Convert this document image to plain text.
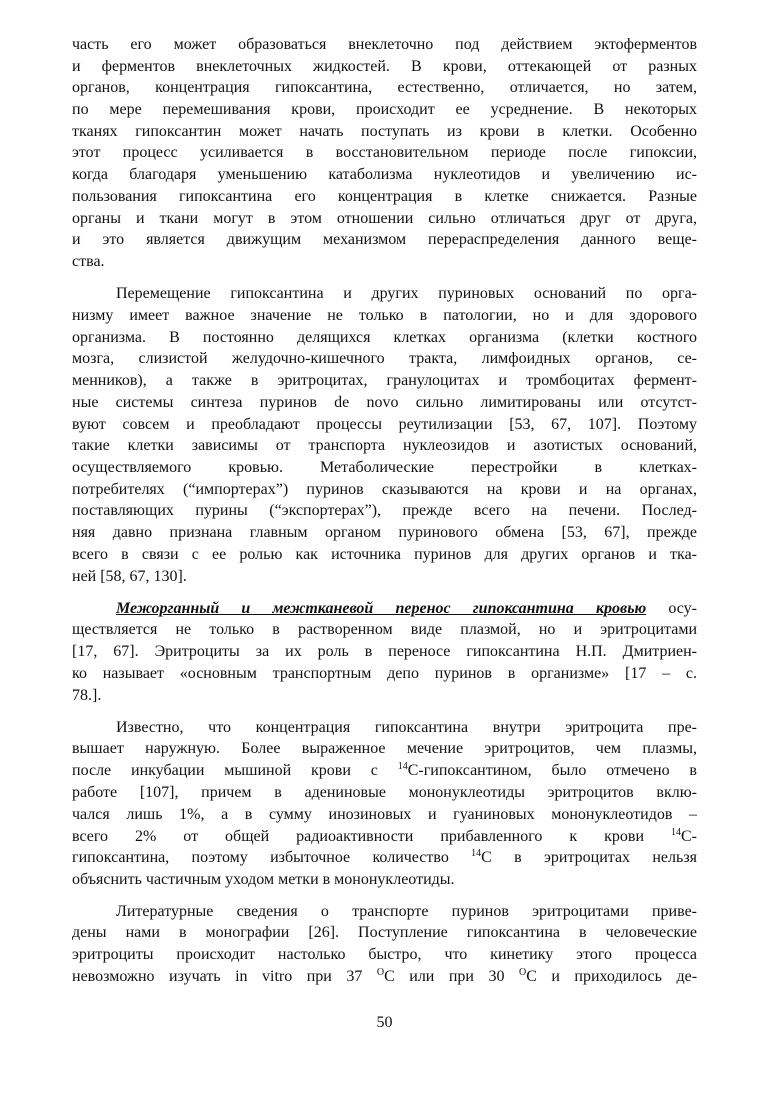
часть его может образоваться внеклеточно под действием эктоферментов
и ферментов внеклеточных жидкостей. В крови, оттекающей от разных
органов, концентрация гипоксантина, естественно, отличается, но затем,
по мере перемешивания крови, происходит ее усреднение. В некоторых
тканях гипоксантин может начать поступать из крови в клетки. Особенно
этот процесс усиливается в восстановительном периоде после гипоксии,
когда благодаря уменьшению катаболизма нуклеотидов и увеличению ис-
пользования гипоксантина его концентрация в клетке снижается. Разные
органы и ткани могут в этом отношении сильно отличаться друг от друга,
и это является движущим механизмом перераспределения данного веще-
ства.
Перемещение гипоксантина и других пуриновых оснований по орга-
низму имеет важное значение не только в патологии, но и для здорового
организма. В постоянно делящихся клетках организма (клетки костного
мозга, слизистой желудочно-кишечного тракта, лимфоидных органов, се-
менников), а также в эритроцитах, гранулоцитах и тромбоцитах фермент-
ные системы синтеза пуринов de novo сильно лимитированы или отсутст-
вуют совсем и преобладают процессы реутилизации [53, 67, 107]. Поэтому
такие клетки зависимы от транспорта нуклеозидов и азотистых оснований,
осуществляемого кровью. Метаболические перестройки в клетках-
потребителях (“импортерах”) пуринов сказываются на крови и на органах,
поставляющих пурины (“экспортерах”), прежде всего на печени. Послед-
няя давно признана главным органом пуринового обмена [53, 67], прежде
всего в связи с ее ролью как источника пуринов для других органов и тка-
ней [58, 67, 130].
Межорганный и межтканевой перенос гипоксантина кровью осу-
ществляется не только в растворенном виде плазмой, но и эритроцитами
[17, 67]. Эритроциты за их роль в переносе гипоксантина Н.П. Дмитриен-
ко называет «основным транспортным депо пуринов в организме» [17 – с.
78.].
Известно, что концентрация гипоксантина внутри эритроцита пре-
вышает наружную. Более выраженное мечение эритроцитов, чем плазмы,
после инкубации мышиной крови с $^{14}$С-гипоксантином, было отмечено в
работе [107], причем в адениновые мононуклеотиды эритроцитов вклю-
чался лишь 1%, а в сумму инозиновых и гуаниновых мононуклеотидов –
всего 2% от общей радиоактивности прибавленного к крови $^{14}$С-
гипоксантина, поэтому избыточное количество $^{14}$С в эритроцитах нельзя
объяснить частичным уходом метки в мононуклеотиды.
Литературные сведения о транспорте пуринов эритроцитами приве-
дены нами в монографии [26]. Поступление гипоксантина в человеческие
эритроциты происходит настолько быстро, что кинетику этого процесса
невозможно изучать in vitro при 37 $^О$С или при 30 $^О$С и приходилось де-
50
